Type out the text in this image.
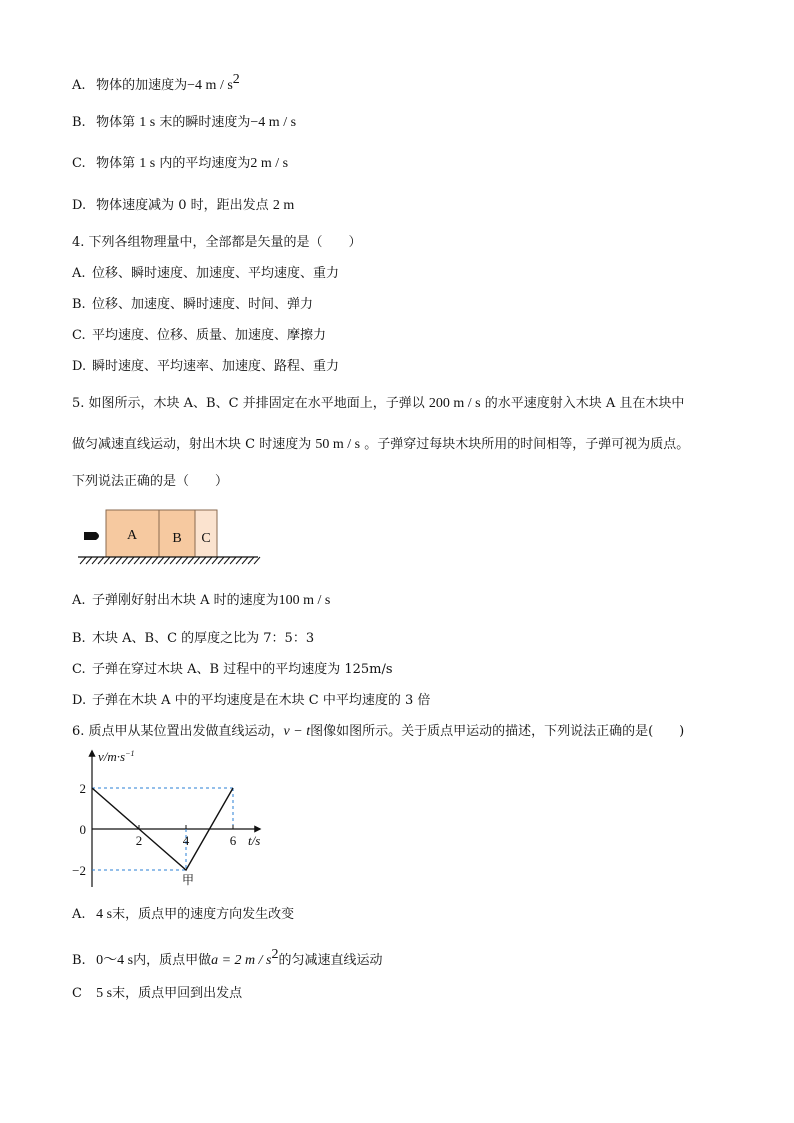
A. 物体的加速度为−4 m / $s^2$
B. 物体第 1 s 末的瞬时速度为−4 m / s
C. 物体第 1 s 内的平均速度为2 m / s
D. 物体速度减为 0 时，距出发点 2 m
4. 下列各组物理量中，全部都是矢量的是（　　）
A. 位移、瞬时速度、加速度、平均速度、重力
B. 位移、加速度、瞬时速度、时间、弹力
C. 平均速度、位移、质量、加速度、摩擦力
D. 瞬时速度、平均速率、加速度、路程、重力
5. 如图所示，木块 A、B、C 并排固定在水平地面上，子弹以 200 m / s 的水平速度射入木块 A 且在木块中
做匀减速直线运动，射出木块 C 时速度为 50 m / s 。子弹穿过每块木块所用的时间相等，子弹可视为质点。
下列说法正确的是（　　）
A	B C
A. 子弹刚好射出木块 A 时的速度为100 m / s
B. 木块 A、B、C 的厚度之比为 7：5：3
C. 子弹在穿过木块 A、B 过程中的平均速度为 125m/s
D. 子弹在木块 A 中的平均速度是在木块 C 中平均速度的 3 倍
6. 质点甲从某位置出发做直线运动，v − t图像如图所示。关于质点甲运动的描述，下列说法正确的是(　　)
$v/m\cdot s^{-1}$
t/s
2	4	6
2
0
−2
甲
A. 4 s末，质点甲的速度方向发生改变
B. 0～4 s内，质点甲做a = 2 m / $s^2$的匀减速直线运动
C 5 s末，质点甲回到出发点
